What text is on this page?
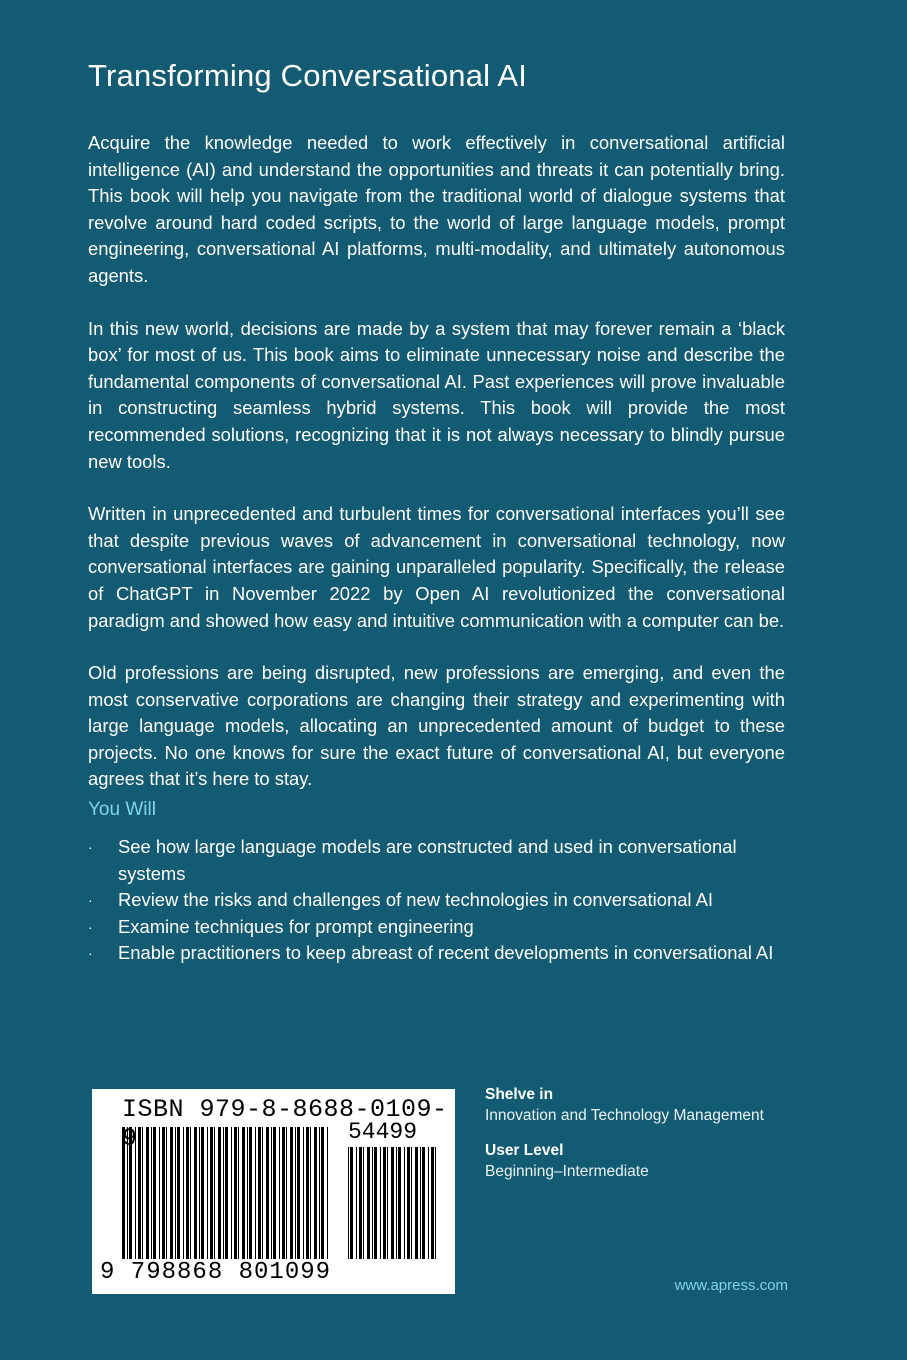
Transforming Conversational AI

Acquire the knowledge needed to work effectively in conversational artificial intelligence (AI) and understand the opportunities and threats it can potentially bring. This book will help you navigate from the traditional world of dialogue systems that revolve around hard coded scripts, to the world of large language models, prompt engineering, conversational AI platforms, multi-modality, and ultimately autonomous agents.

In this new world, decisions are made by a system that may forever remain a ‘black box’ for most of us. This book aims to eliminate unnecessary noise and describe the fundamental components of conversational AI. Past experiences will prove invaluable in constructing seamless hybrid systems. This book will provide the most recommended solutions, recognizing that it is not always necessary to blindly pursue new tools.

Written in unprecedented and turbulent times for conversational interfaces you’ll see that despite previous waves of advancement in conversational technology, now conversational interfaces are gaining unparalleled popularity. Specifically, the release of ChatGPT in November 2022 by Open AI revolutionized the conversational paradigm and showed how easy and intuitive communication with a computer can be.

Old professions are being disrupted, new professions are emerging, and even the most conservative corporations are changing their strategy and experimenting with large language models, allocating an unprecedented amount of budget to these projects. No one knows for sure the exact future of conversational AI, but everyone agrees that it’s here to stay.

You Will
· See how large language models are constructed and used in conversational systems
· Review the risks and challenges of new technologies in conversational AI
· Examine techniques for prompt engineering
· Enable practitioners to keep abreast of recent developments in conversational AI
ISBN 979-8-8688-0109-9	54499
9 798868 801099

Shelve in

Innovation and Technology Management

User Level

Beginning–Intermediate

www.apress.com
